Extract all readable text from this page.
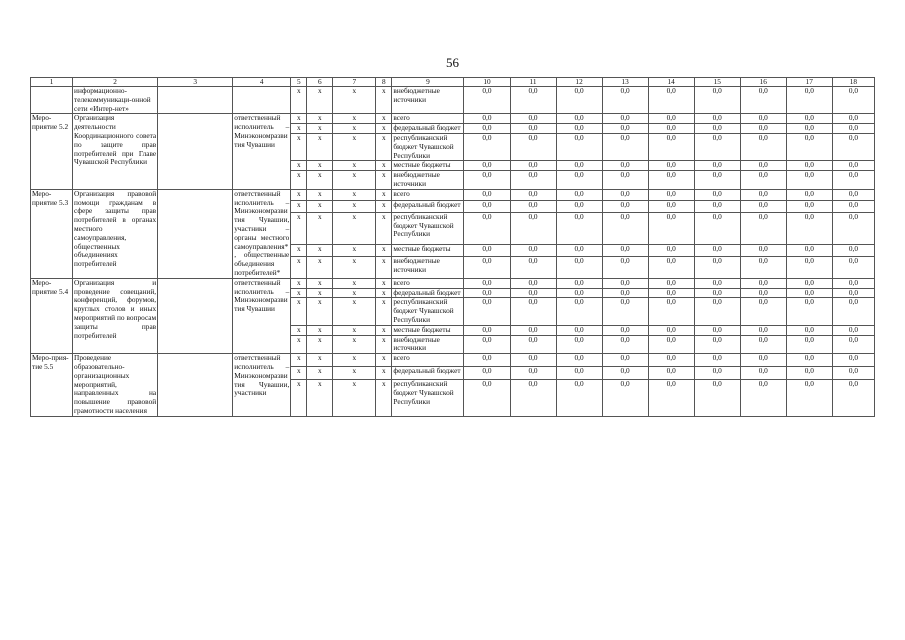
56
1	2	3	4	5	6	7	8	9	10	11	12	13	14	15	16	17	18
	информационно-телекоммуникаци-онной сети «Интер-нет»			x	x	x	x	внебюджетные источники	0,0	0,0	0,0	0,0	0,0	0,0	0,0	0,0	0,0
Меро-приятие 5.2	Организация деятельности Координационного совета по защите прав потребителей при Главе Чувашской Республики		ответственный исполнитель – Минэкономразвития Чувашии	x	x	x	x	всего	0,0	0,0	0,0	0,0	0,0	0,0	0,0	0,0	0,0
				x	x	x	x	федеральный бюджет	0,0	0,0	0,0	0,0	0,0	0,0	0,0	0,0	0,0
				x	x	x	x	республиканский бюджет Чувашской Республики	0,0	0,0	0,0	0,0	0,0	0,0	0,0	0,0	0,0
				x	x	x	x	местные бюджеты	0,0	0,0	0,0	0,0	0,0	0,0	0,0	0,0	0,0
				x	x	x	x	внебюджетные источники	0,0	0,0	0,0	0,0	0,0	0,0	0,0	0,0	0,0
Меро-приятие 5.3	Организация правовой помощи гражданам в сфере защиты прав потребителей в органах местного самоуправления, общественных объединениях потребителей		ответственный исполнитель – Минэкономразвития Чувашии, участники – органы местного самоуправления*, общественные объединения потребителей*	x	x	x	x	всего	0,0	0,0	0,0	0,0	0,0	0,0	0,0	0,0	0,0
				x	x	x	x	федеральный бюджет	0,0	0,0	0,0	0,0	0,0	0,0	0,0	0,0	0,0
				x	x	x	x	республиканский бюджет Чувашской Республики	0,0	0,0	0,0	0,0	0,0	0,0	0,0	0,0	0,0
				x	x	x	x	местные бюджеты	0,0	0,0	0,0	0,0	0,0	0,0	0,0	0,0	0,0
				x	x	x	x	внебюджетные источники	0,0	0,0	0,0	0,0	0,0	0,0	0,0	0,0	0,0
Меро-приятие 5.4	Организация и проведение совещаний, конференций, форумов, круглых столов и иных мероприятий по вопросам защиты прав потребителей		ответственный исполнитель – Минэкономразвития Чувашии	x	x	x	x	всего	0,0	0,0	0,0	0,0	0,0	0,0	0,0	0,0	0,0
				x	x	x	x	федеральный бюджет	0,0	0,0	0,0	0,0	0,0	0,0	0,0	0,0	0,0
				x	x	x	x	республиканский бюджет Чувашской Республики	0,0	0,0	0,0	0,0	0,0	0,0	0,0	0,0	0,0
				x	x	x	x	местные бюджеты	0,0	0,0	0,0	0,0	0,0	0,0	0,0	0,0	0,0
				x	x	x	x	внебюджетные источники	0,0	0,0	0,0	0,0	0,0	0,0	0,0	0,0	0,0
Меро-прия-тие 5.5	Проведение образовательно-организационных мероприятий, направленных на повышение правовой грамотности населения		ответственный исполнитель – Минэкономразвития Чувашии, участники	x	x	x	x	всего	0,0	0,0	0,0	0,0	0,0	0,0	0,0	0,0	0,0
				x	x	x	x	федеральный бюджет	0,0	0,0	0,0	0,0	0,0	0,0	0,0	0,0	0,0
				x	x	x	x	республиканский бюджет Чувашской Республики	0,0	0,0	0,0	0,0	0,0	0,0	0,0	0,0	0,0
